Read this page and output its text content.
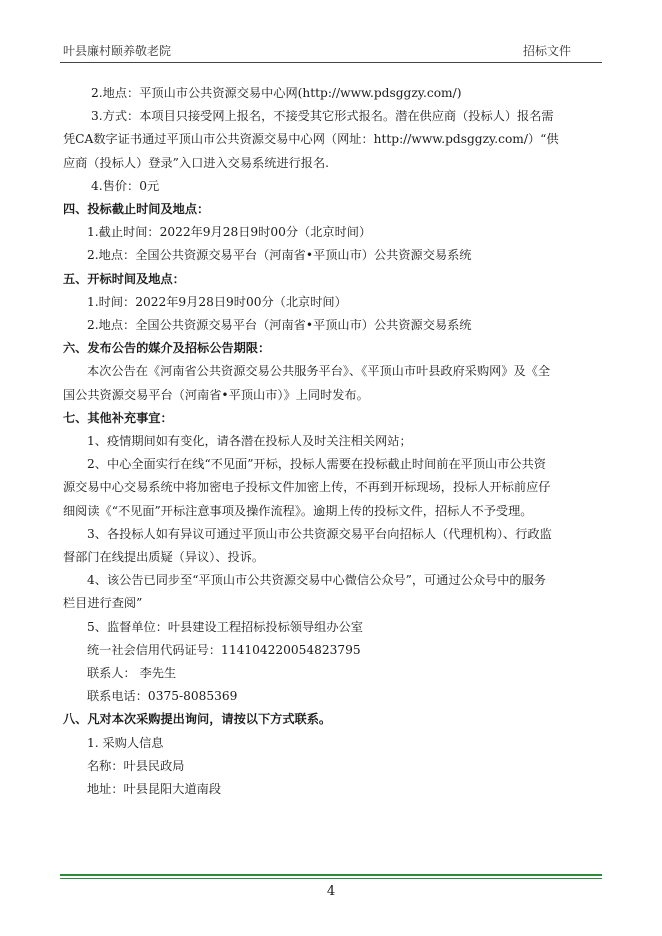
叶县廉村颐养敬老院	招标文件

2.地点：平顶山市公共资源交易中心网(http://www.pdsggzy.com/)

3.方式：本项目只接受网上报名，不接受其它形式报名。潜在供应商（投标人）报名需

凭CA数字证书通过平顶山市公共资源交易中心网（网址：http://www.pdsggzy.com/）“供

应商（投标人）登录”入口进入交易系统进行报名.

4.售价：0元

四、投标截止时间及地点：

1.截止时间：2022年9月28日9时00分（北京时间）

2.地点：全国公共资源交易平台（河南省•平顶山市）公共资源交易系统

五、开标时间及地点：

1.时间：2022年9月28日9时00分（北京时间）

2.地点：全国公共资源交易平台（河南省•平顶山市）公共资源交易系统

六、发布公告的媒介及招标公告期限：

本次公告在《河南省公共资源交易公共服务平台》、《平顶山市叶县政府采购网》及《全

国公共资源交易平台（河南省•平顶山市）》上同时发布。

七、其他补充事宜：

1、疫情期间如有变化，请各潜在投标人及时关注相关网站；

2、中心全面实行在线“不见面”开标，投标人需要在投标截止时间前在平顶山市公共资

源交易中心交易系统中将加密电子投标文件加密上传，不再到开标现场，投标人开标前应仔

细阅读《“不见面”开标注意事项及操作流程》。逾期上传的投标文件，招标人不予受理。

3、各投标人如有异议可通过平顶山市公共资源交易平台向招标人（代理机构）、行政监

督部门在线提出质疑（异议）、投诉。

4、该公告已同步至“平顶山市公共资源交易中心微信公众号”，可通过公众号中的服务

栏目进行查阅”

5、监督单位：叶县建设工程招标投标领导组办公室

统一社会信用代码证号：114104220054823795

联系人： 李先生

联系电话：0375-8085369

八、凡对本次采购提出询问，请按以下方式联系。

1. 采购人信息

名称：叶县民政局

地址：叶县昆阳大道南段

4
